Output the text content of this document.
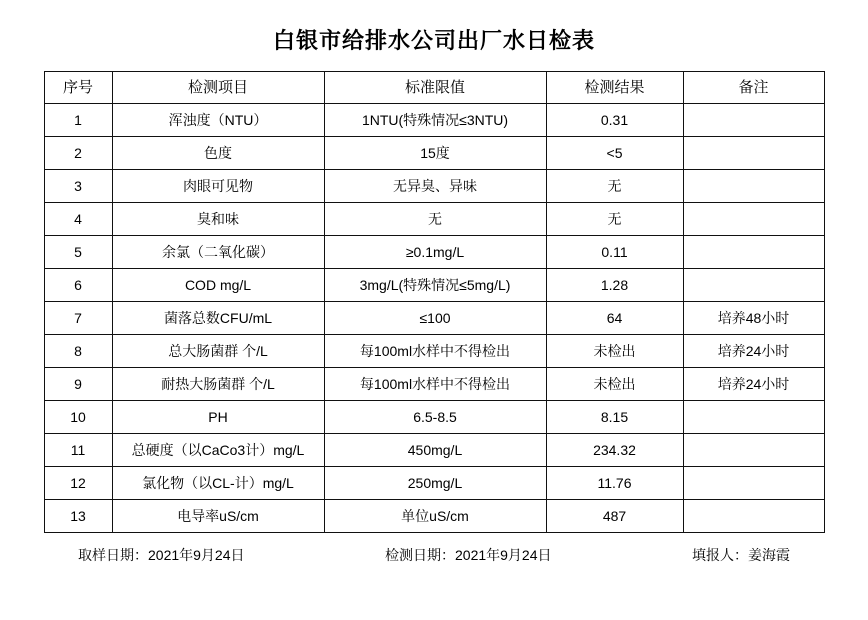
白银市给排水公司出厂水日检表
序号	检测项目	标准限值	检测结果	备注
1	浑浊度（NTU）	1NTU(特殊情况≤3NTU)	0.31	
2	色度	15度	<5	
3	肉眼可见物	无异臭、异味	无	
4	臭和味	无	无	
5	余氯（二氧化碳）	≥0.1mg/L	0.11	
6	COD mg/L	3mg/L(特殊情况≤5mg/L)	1.28	
7	菌落总数CFU/mL	≤100	64	培养48小时
8	总大肠菌群 个/L	每100ml水样中不得检出	未检出	培养24小时
9	耐热大肠菌群 个/L	每100ml水样中不得检出	未检出	培养24小时
10	PH	6.5-8.5	8.15	
11	总硬度（以CaCo3计）mg/L	450mg/L	234.32	
12	氯化物（以CL-计）mg/L	250mg/L	11.76	
13	电导率uS/cm	单位uS/cm	487	
取样日期：2021年9月24日	检测日期：2021年9月24日	填报人：姜海霞
